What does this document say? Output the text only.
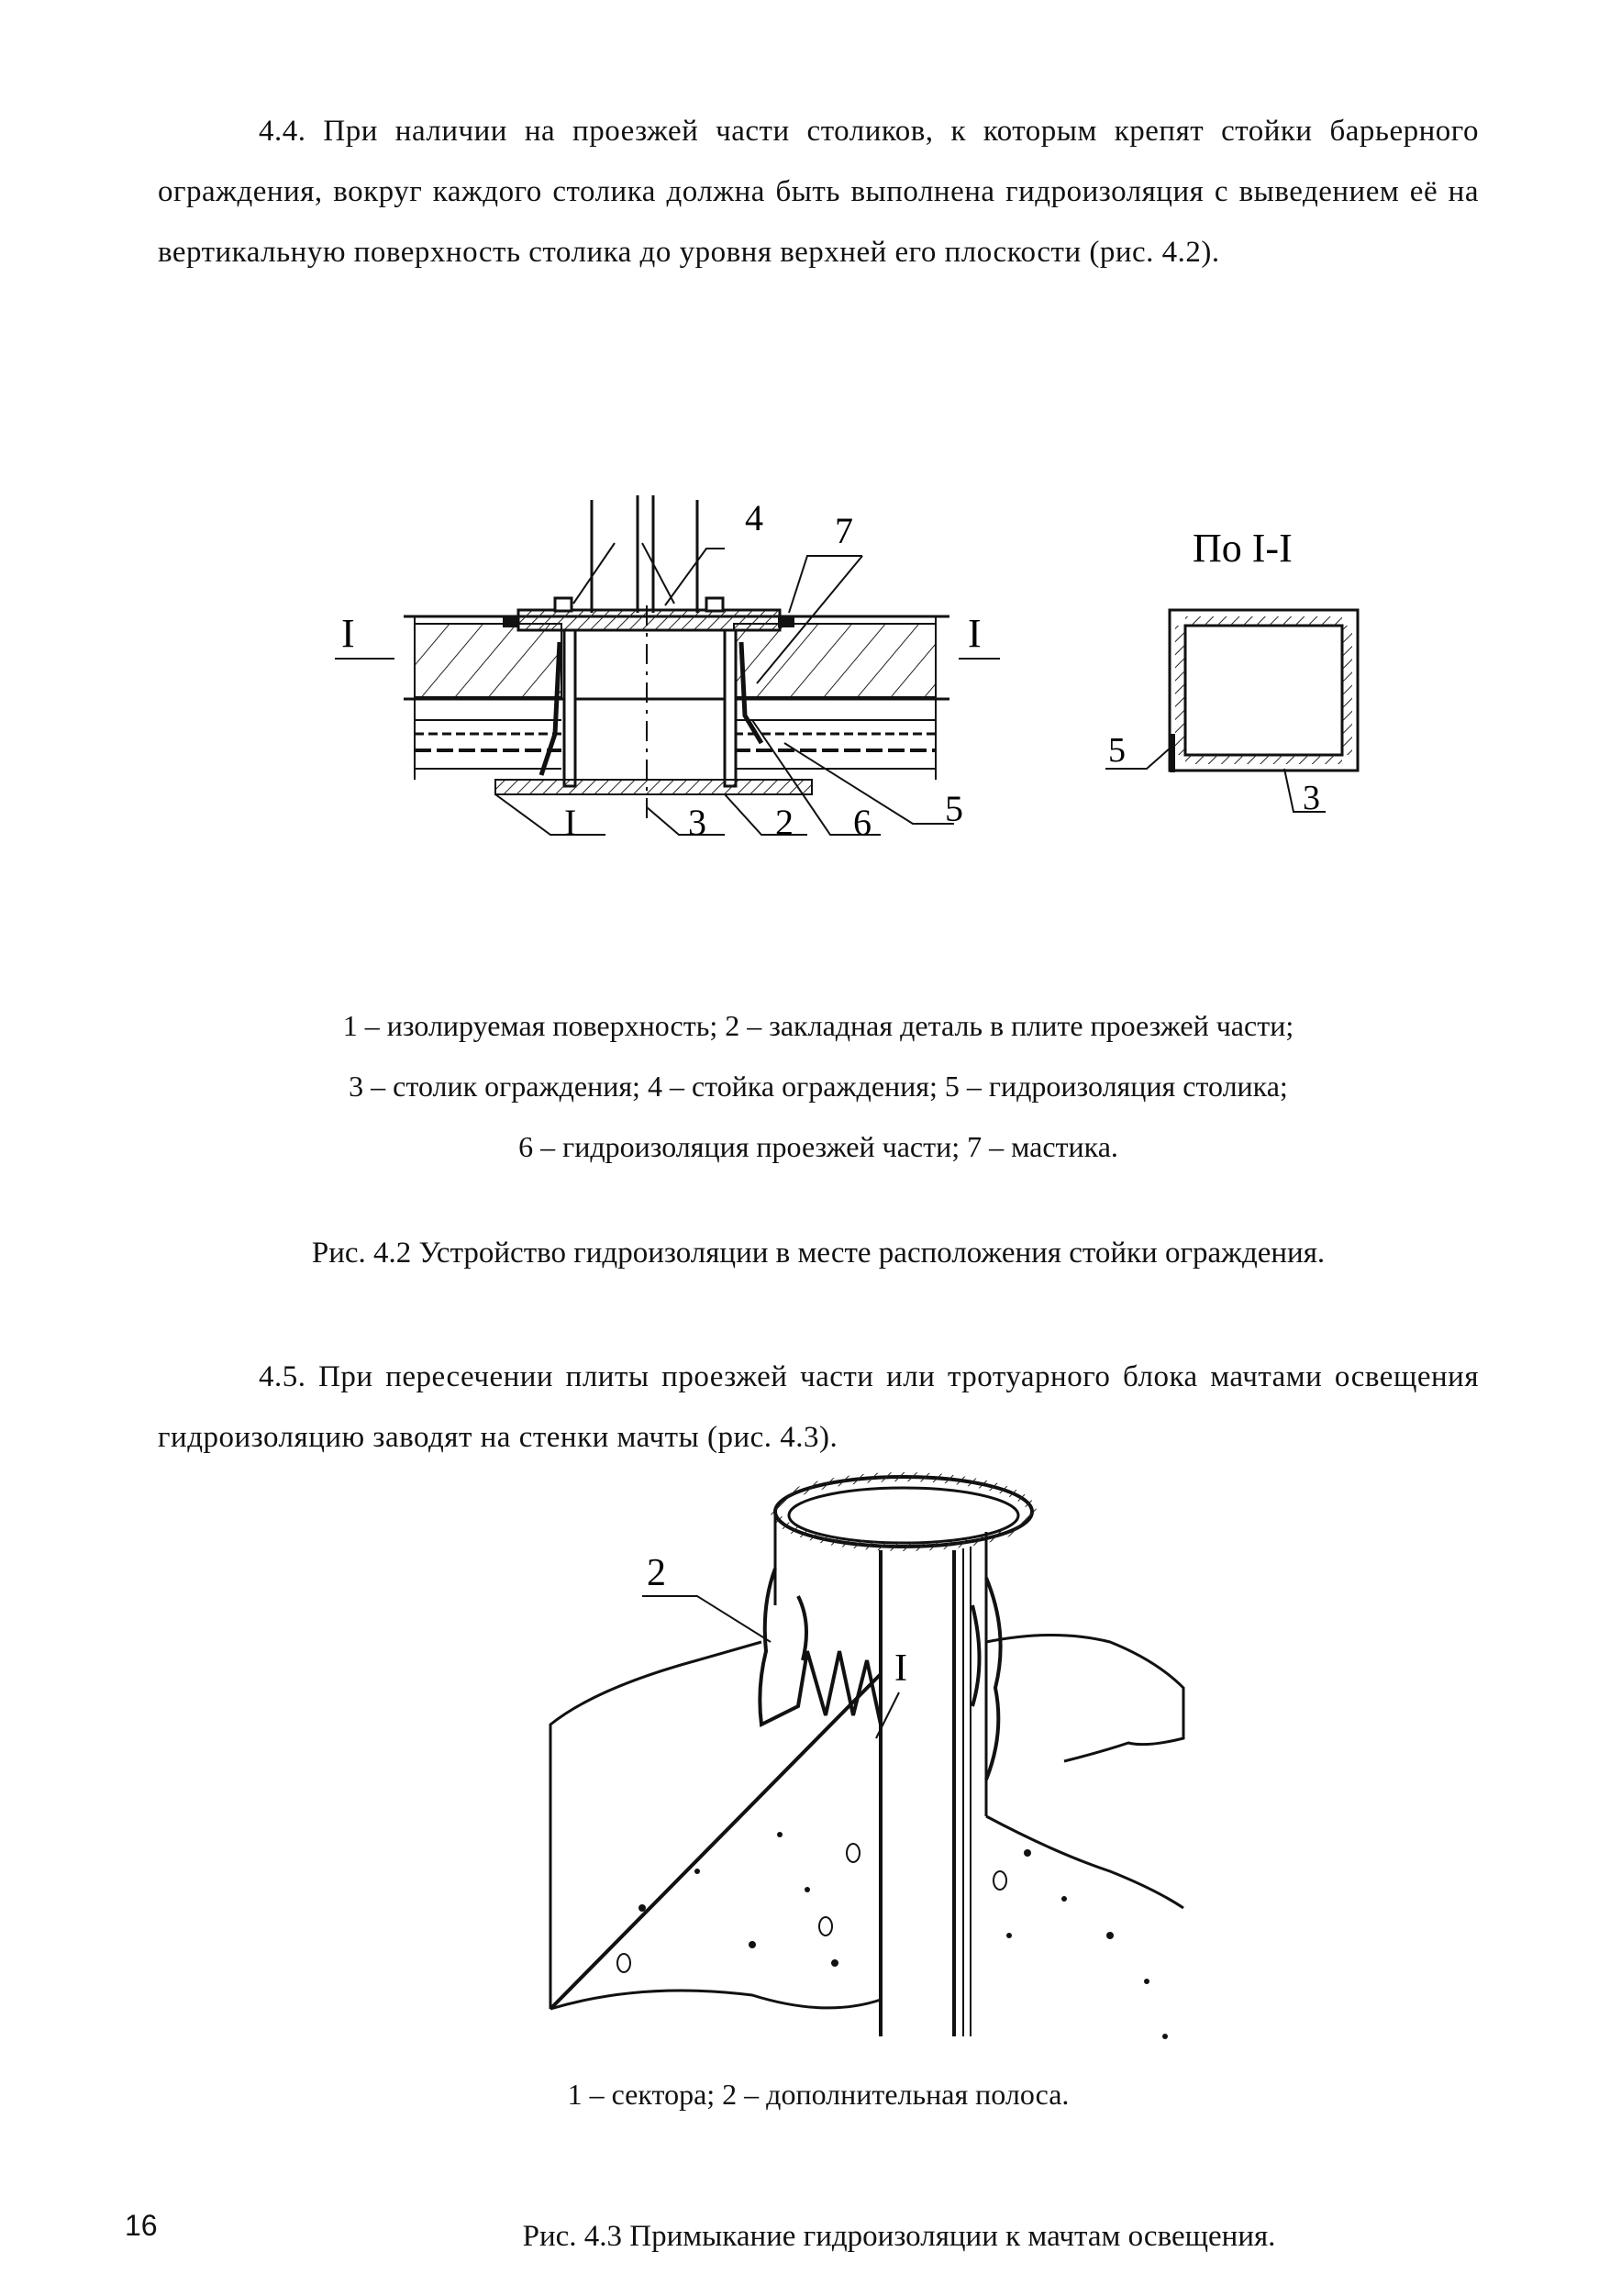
4.4. При наличии на проезжей части столиков, к которым крепят стойки барьерного ограждения, вокруг каждого столика должна быть выполнена гидроизоляция с выведением её на вертикальную поверхность столика до уровня верхней его плоскости (рис. 4.2).
I	I
4 7
I	3 2 6 5
По I-I
5
3
1 – изолируемая поверхность; 2 – закладная деталь в плите проезжей части;
3 – столик ограждения; 4 – стойка ограждения; 5 – гидроизоляция столика;
6 – гидроизоляция проезжей части; 7 – мастика.
Рис. 4.2 Устройство гидроизоляции в месте расположения стойки ограждения.
4.5. При пересечении плиты проезжей части или тротуарного блока мачтами освещения гидроизоляцию заводят на стенки мачты (рис. 4.3).
2
I
1 – сектора; 2 – дополнительная полоса.
16	Рис. 4.3 Примыкание гидроизоляции к мачтам освещения.
